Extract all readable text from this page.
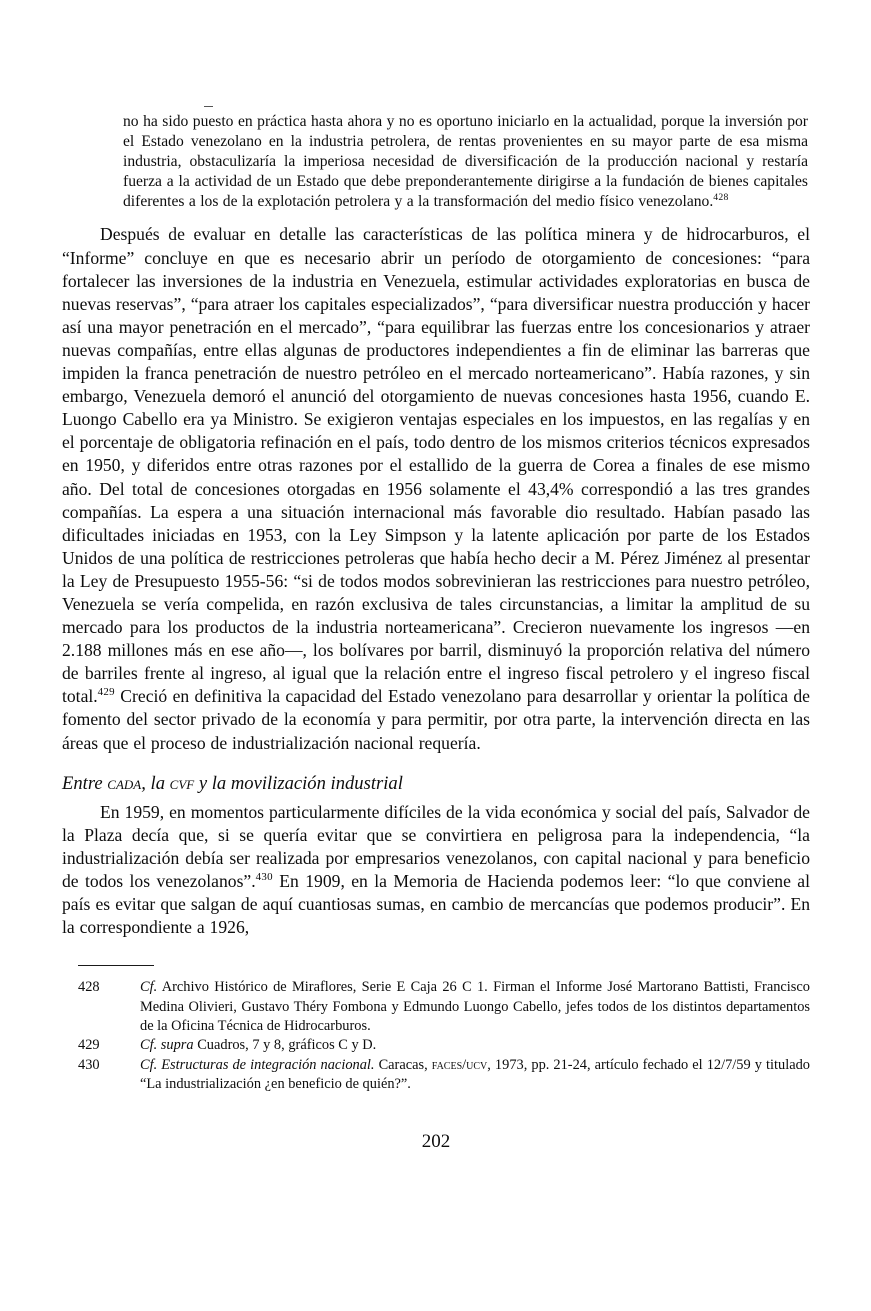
no ha sido puesto en práctica hasta ahora y no es oportuno iniciarlo en la actualidad, porque la inversión por el Estado venezolano en la industria petrolera, de rentas provenientes en su mayor parte de esa misma industria, obstaculizaría la imperiosa necesidad de diversificación de la producción nacional y restaría fuerza a la actividad de un Estado que debe preponderantemente dirigirse a la fundación de bienes capitales diferentes a los de la explotación petrolera y a la transformación del medio físico venezolano.$^{428}$

Después de evaluar en detalle las características de las política minera y de hidrocarburos, el “Informe” concluye en que es necesario abrir un período de otorgamiento de concesiones: “para fortalecer las inversiones de la industria en Venezuela, estimular actividades exploratorias en busca de nuevas reservas”, “para atraer los capitales especializados”, “para diversificar nuestra producción y hacer así una mayor penetración en el mercado”, “para equilibrar las fuerzas entre los concesionarios y atraer nuevas compañías, entre ellas algunas de productores independientes a fin de eliminar las barreras que impiden la franca penetración de nuestro petróleo en el mercado norteamericano”. Había razones, y sin embargo, Venezuela demoró el anunció del otorgamiento de nuevas concesiones hasta 1956, cuando E. Luongo Cabello era ya Ministro. Se exigieron ventajas especiales en los impuestos, en las regalías y en el porcentaje de obligatoria refinación en el país, todo dentro de los mismos criterios técnicos expresados en 1950, y diferidos entre otras razones por el estallido de la guerra de Corea a finales de ese mismo año. Del total de concesiones otorgadas en 1956 solamente el 43,4% correspondió a las tres grandes compañías. La espera a una situación internacional más favorable dio resultado. Habían pasado las dificultades iniciadas en 1953, con la Ley Simpson y la latente aplicación por parte de los Estados Unidos de una política de restricciones petroleras que había hecho decir a M. Pérez Jiménez al presentar la Ley de Presupuesto 1955-56: “si de todos modos sobrevinieran las restricciones para nuestro petróleo, Venezuela se vería compelida, en razón exclusiva de tales circunstancias, a limitar la amplitud de su mercado para los productos de la industria norteamericana”. Crecieron nuevamente los ingresos —en 2.188 millones más en ese año—, los bolívares por barril, disminuyó la proporción relativa del número de barriles frente al ingreso, al igual que la relación entre el ingreso fiscal petrolero y el ingreso fiscal total.$^{429}$ Creció en definitiva la capacidad del Estado venezolano para desarrollar y orientar la política de fomento del sector privado de la economía y para permitir, por otra parte, la intervención directa en las áreas que el proceso de industrialización nacional requería.

Entre cada, la cvf y la movilización industrial

En 1959, en momentos particularmente difíciles de la vida económica y social del país, Salvador de la Plaza decía que, si se quería evitar que se convirtiera en peligrosa para la independencia, “la industrialización debía ser realizada por empresarios venezolanos, con capital nacional y para beneficio de todos los venezolanos”.$^{430}$ En 1909, en la Memoria de Hacienda podemos leer: “lo que conviene al país es evitar que salgan de aquí cuantiosas sumas, en cambio de mercancías que podemos producir”. En la correspondiente a 1926,

428	Cf. Archivo Histórico de Miraflores, Serie E Caja 26 C 1. Firman el Informe José Martorano Battisti, Francisco Medina Olivieri, Gustavo Théry Fombona y Edmundo Luongo Cabello, jefes todos de los distintos departamentos de la Oficina Técnica de Hidrocarburos.
429	Cf. supra Cuadros, 7 y 8, gráficos C y D.
430	Cf. Estructuras de integración nacional. Caracas, faces/ucv, 1973, pp. 21-24, artículo fechado el 12/7/59 y titulado “La industrialización ¿en beneficio de quién?”.
202
